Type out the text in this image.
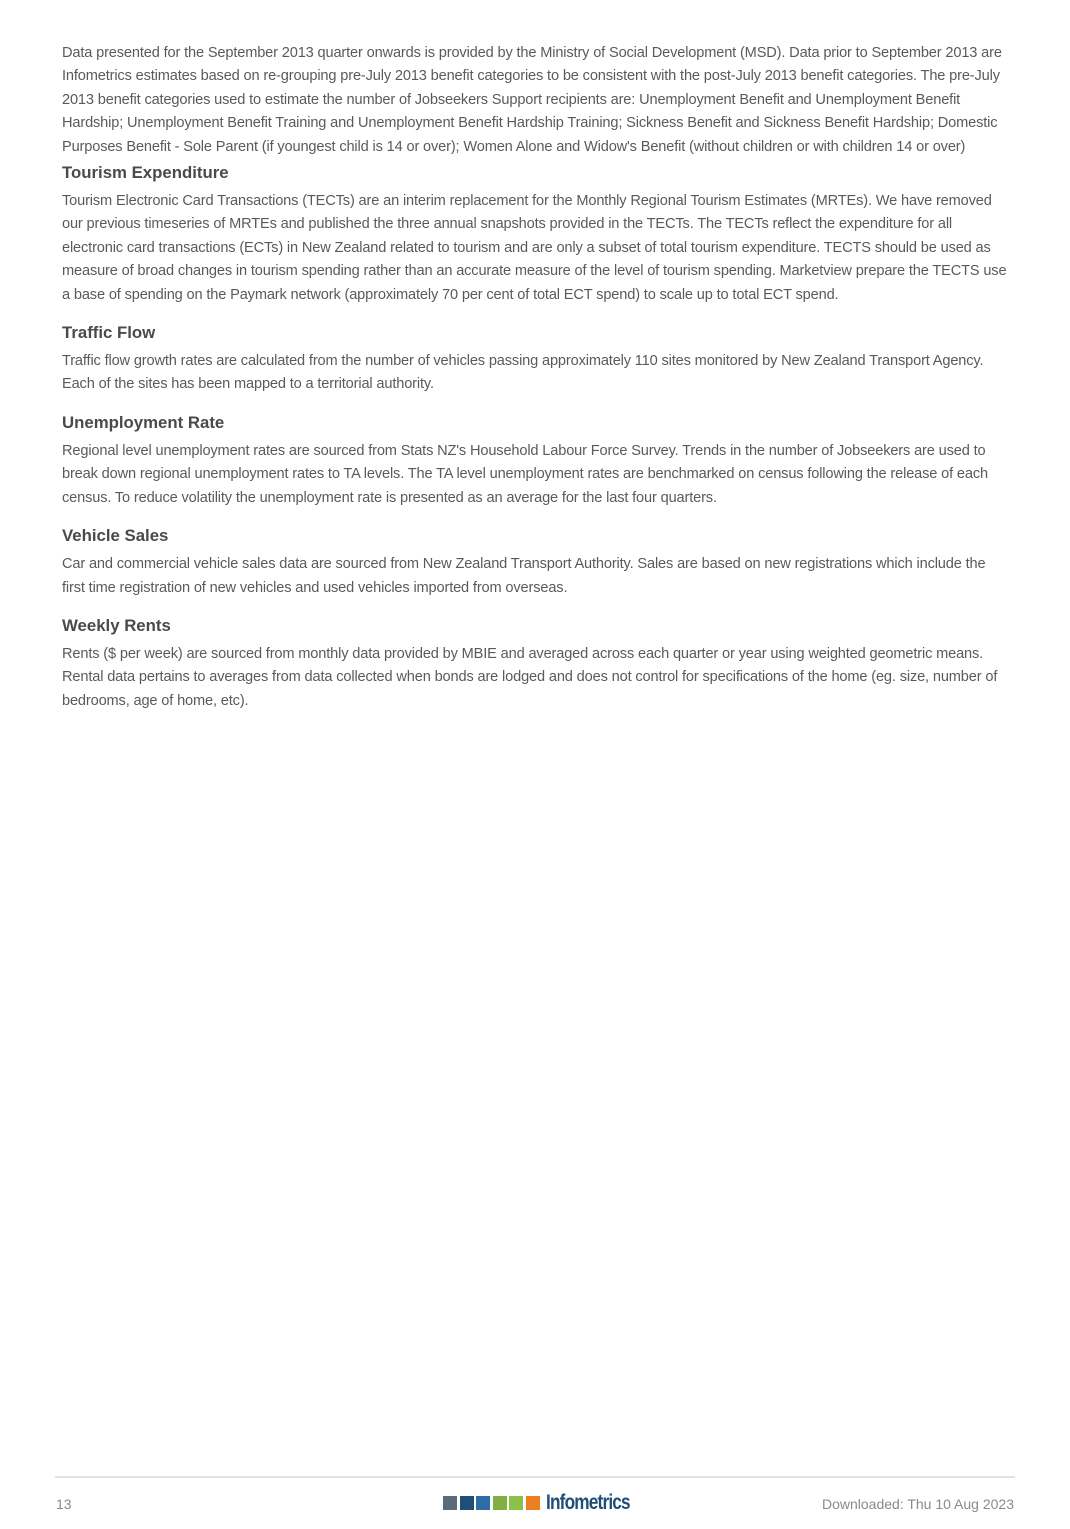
Data presented for the September 2013 quarter onwards is provided by the Ministry of Social Development (MSD). Data prior to September 2013 are Infometrics estimates based on re-grouping pre-July 2013 benefit categories to be consistent with the post-July 2013 benefit categories. The pre-July 2013 benefit categories used to estimate the number of Jobseekers Support recipients are: Unemployment Benefit and Unemployment Benefit Hardship; Unemployment Benefit Training and Unemployment Benefit Hardship Training; Sickness Benefit and Sickness Benefit Hardship; Domestic Purposes Benefit - Sole Parent (if youngest child is 14 or over); Women Alone and Widow's Benefit (without children or with children 14 or over)

Tourism Expenditure

Tourism Electronic Card Transactions (TECTs) are an interim replacement for the Monthly Regional Tourism Estimates (MRTEs). We have removed our previous timeseries of MRTEs and published the three annual snapshots provided in the TECTs. The TECTs reflect the expenditure for all electronic card transactions (ECTs) in New Zealand related to tourism and are only a subset of total tourism expenditure. TECTS should be used as measure of broad changes in tourism spending rather than an accurate measure of the level of tourism spending. Marketview prepare the TECTS use a base of spending on the Paymark network (approximately 70 per cent of total ECT spend) to scale up to total ECT spend.

Traffic Flow

Traffic flow growth rates are calculated from the number of vehicles passing approximately 110 sites monitored by New Zealand Transport Agency. Each of the sites has been mapped to a territorial authority.

Unemployment Rate

Regional level unemployment rates are sourced from Stats NZ's Household Labour Force Survey. Trends in the number of Jobseekers are used to break down regional unemployment rates to TA levels. The TA level unemployment rates are benchmarked on census following the release of each census. To reduce volatility the unemployment rate is presented as an average for the last four quarters.

Vehicle Sales

Car and commercial vehicle sales data are sourced from New Zealand Transport Authority. Sales are based on new registrations which include the first time registration of new vehicles and used vehicles imported from overseas.

Weekly Rents

Rents ($ per week) are sourced from monthly data provided by MBIE and averaged across each quarter or year using weighted geometric means. Rental data pertains to averages from data collected when bonds are lodged and does not control for specifications of the home (eg. size, number of bedrooms, age of home, etc).

13	Infometrics	Downloaded: Thu 10 Aug 2023
